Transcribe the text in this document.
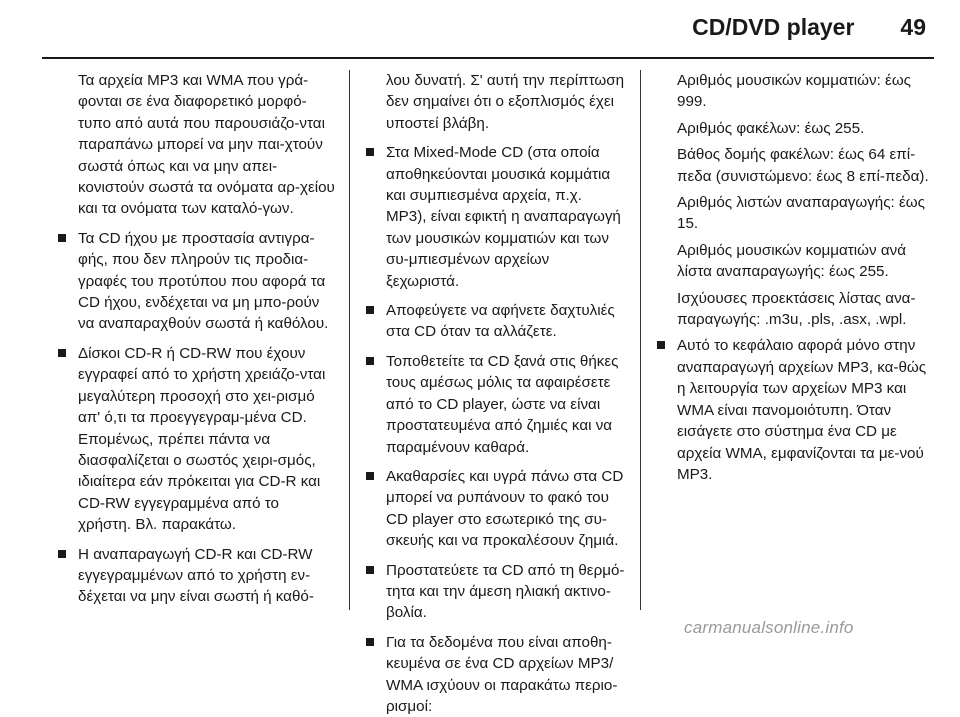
CD/DVD player 49

Τα αρχεία MP3 και WMA που γρά-φονται σε ένα διαφορετικό μορφό-τυπο από αυτά που παρουσιάζο-νται παραπάνω μπορεί να μην παι-χτούν σωστά όπως και να μην απει-κονιστούν σωστά τα ονόματα αρ-χείου και τα ονόματα των καταλό-γων.

Τα CD ήχου με προστασία αντιγρα-φής, που δεν πληρούν τις προδια-γραφές του προτύπου που αφορά τα CD ήχου, ενδέχεται να μη μπο-ρούν να αναπαραχθούν σωστά ή καθόλου.
Δίσκοι CD-R ή CD-RW που έχουν εγγραφεί από το χρήστη χρειάζο-νται μεγαλύτερη προσοχή στο χει-ρισμό απ' ό,τι τα προεγγεγραμ-μένα CD. Επομένως, πρέπει πάντα να διασφαλίζεται ο σωστός χειρι-σμός, ιδιαίτερα εάν πρόκειται για CD-R και CD-RW εγγεγραμμένα από το χρήστη. Βλ. παρακάτω.
Η αναπαραγωγή CD-R και CD-RW εγγεγραμμένων από το χρήστη εν-δέχεται να μην είναι σωστή ή καθό-

λου δυνατή. Σ' αυτή την περίπτωση δεν σημαίνει ότι ο εξοπλισμός έχει υποστεί βλάβη.

Στα Mixed-Mode CD (στα οποία αποθηκεύονται μουσικά κομμάτια και συμπιεσμένα αρχεία, π.χ. MP3), είναι εφικτή η αναπαραγωγή των μουσικών κομματιών και των συ-μπιεσμένων αρχείων ξεχωριστά.
Αποφεύγετε να αφήνετε δαχτυλιές στα CD όταν τα αλλάζετε.
Τοποθετείτε τα CD ξανά στις θήκες τους αμέσως μόλις τα αφαιρέσετε από το CD player, ώστε να είναι προστατευμένα από ζημιές και να παραμένουν καθαρά.
Ακαθαρσίες και υγρά πάνω στα CD μπορεί να ρυπάνουν το φακό του CD player στο εσωτερικό της συ-σκευής και να προκαλέσουν ζημιά.
Προστατεύετε τα CD από τη θερμό-τητα και την άμεση ηλιακή ακτινο-βολία.
Για τα δεδομένα που είναι αποθη-κευμένα σε ένα CD αρχείων MP3/ WMA ισχύουν οι παρακάτω περιο-ρισμοί:

Αριθμός μουσικών κομματιών: έως 999.

Αριθμός φακέλων: έως 255.

Βάθος δομής φακέλων: έως 64 επί-πεδα (συνιστώμενο: έως 8 επί-πεδα).

Αριθμός λιστών αναπαραγωγής: έως 15.

Αριθμός μουσικών κομματιών ανά λίστα αναπαραγωγής: έως 255.

Ισχύουσες προεκτάσεις λίστας ανα-παραγωγής: .m3u, .pls, .asx, .wpl.

Αυτό το κεφάλαιο αφορά μόνο στην αναπαραγωγή αρχείων MP3, κα-θώς η λειτουργία των αρχείων MP3 και WMA είναι πανομοιότυπη. Όταν εισάγετε στο σύστημα ένα CD με αρχεία WMA, εμφανίζονται τα με-νού MP3.
carmanualsonline.info
